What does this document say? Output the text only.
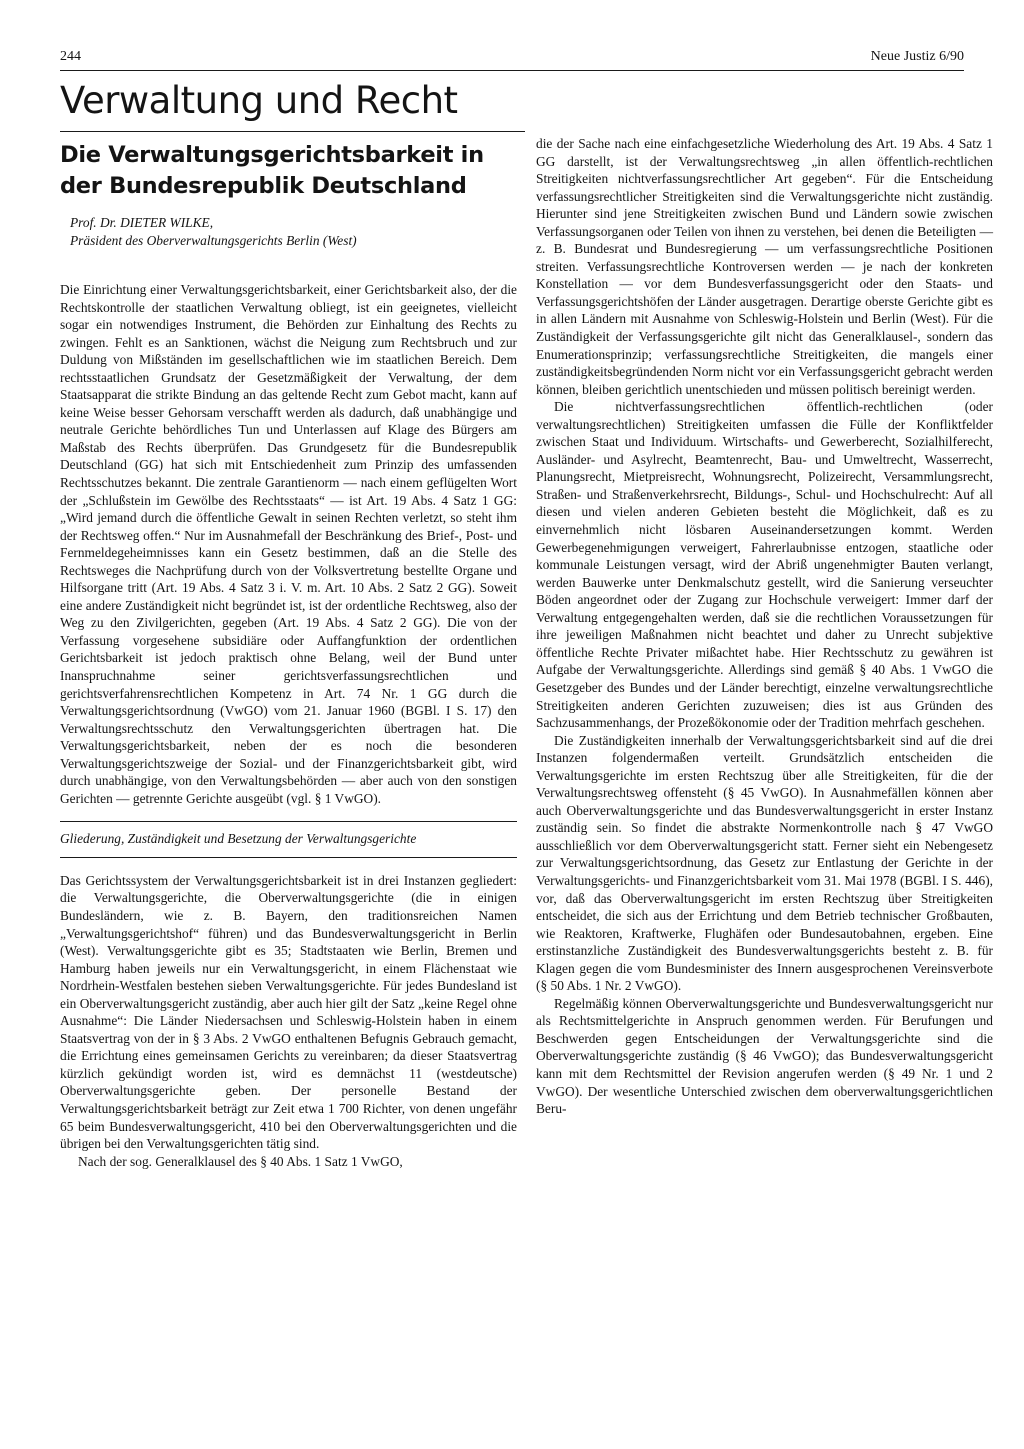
244	Neue Justiz 6/90
Verwaltung und Recht
Die Verwaltungsgerichtsbarkeit in der Bundesrepublik Deutschland
Prof. Dr. DIETER WILKE,
Präsident des Oberverwaltungsgerichts Berlin (West)

Die Einrichtung einer Verwaltungsgerichtsbarkeit, einer Gerichtsbarkeit also, der die Rechtskontrolle der staatlichen Verwaltung obliegt, ist ein geeignetes, vielleicht sogar ein notwendiges Instrument, die Behörden zur Einhaltung des Rechts zu zwingen. Fehlt es an Sanktionen, wächst die Neigung zum Rechtsbruch und zur Duldung von Mißständen im gesellschaftlichen wie im staatlichen Bereich. Dem rechtsstaatlichen Grundsatz der Gesetzmäßigkeit der Verwaltung, der dem Staatsapparat die strikte Bindung an das geltende Recht zum Gebot macht, kann auf keine Weise besser Gehorsam verschafft werden als dadurch, daß unabhängige und neutrale Gerichte behördliches Tun und Unterlassen auf Klage des Bürgers am Maßstab des Rechts überprüfen. Das Grundgesetz für die Bundesrepublik Deutschland (GG) hat sich mit Entschiedenheit zum Prinzip des umfassenden Rechtsschutzes bekannt. Die zentrale Garantienorm — nach einem geflügelten Wort der „Schlußstein im Gewölbe des Rechtsstaats“ — ist Art. 19 Abs. 4 Satz 1 GG: „Wird jemand durch die öffentliche Gewalt in seinen Rechten verletzt, so steht ihm der Rechtsweg offen.“ Nur im Ausnahmefall der Beschränkung des Brief-, Post- und Fernmeldegeheimnisses kann ein Gesetz bestimmen, daß an die Stelle des Rechtsweges die Nachprüfung durch von der Volksvertretung bestellte Organe und Hilfsorgane tritt (Art. 19 Abs. 4 Satz 3 i. V. m. Art. 10 Abs. 2 Satz 2 GG). Soweit eine andere Zuständigkeit nicht begründet ist, ist der ordentliche Rechtsweg, also der Weg zu den Zivilgerichten, gegeben (Art. 19 Abs. 4 Satz 2 GG). Die von der Verfassung vorgesehene subsidiäre oder Auffangfunktion der ordentlichen Gerichtsbarkeit ist jedoch praktisch ohne Belang, weil der Bund unter Inanspruchnahme seiner gerichtsverfassungsrechtlichen und gerichtsverfahrensrechtlichen Kompetenz in Art. 74 Nr. 1 GG durch die Verwaltungsgerichtsordnung (VwGO) vom 21. Januar 1960 (BGBl. I S. 17) den Verwaltungsrechtsschutz den Verwaltungsgerichten übertragen hat. Die Verwaltungsgerichtsbarkeit, neben der es noch die besonderen Verwaltungsgerichtszweige der Sozial- und der Finanzgerichtsbarkeit gibt, wird durch unabhängige, von den Verwaltungsbehörden — aber auch von den sonstigen Gerichten — getrennte Gerichte ausgeübt (vgl. § 1 VwGO).

Gliederung, Zuständigkeit und Besetzung der Verwaltungsgerichte

Das Gerichtssystem der Verwaltungsgerichtsbarkeit ist in drei Instanzen gegliedert: die Verwaltungsgerichte, die Oberverwaltungsgerichte (die in einigen Bundesländern, wie z. B. Bayern, den traditionsreichen Namen „Verwaltungsgerichtshof“ führen) und das Bundesverwaltungsgericht in Berlin (West). Verwaltungsgerichte gibt es 35; Stadtstaaten wie Berlin, Bremen und Hamburg haben jeweils nur ein Verwaltungsgericht, in einem Flächenstaat wie Nordrhein-Westfalen bestehen sieben Verwaltungsgerichte. Für jedes Bundesland ist ein Oberverwaltungsgericht zuständig, aber auch hier gilt der Satz „keine Regel ohne Ausnahme“: Die Länder Niedersachsen und Schleswig-Holstein haben in einem Staatsvertrag von der in § 3 Abs. 2 VwGO enthaltenen Befugnis Gebrauch gemacht, die Errichtung eines gemeinsamen Gerichts zu vereinbaren; da dieser Staatsvertrag kürzlich gekündigt worden ist, wird es demnächst 11 (westdeutsche) Oberverwaltungsgerichte geben. Der personelle Bestand der Verwaltungsgerichtsbarkeit beträgt zur Zeit etwa 1 700 Richter, von denen ungefähr 65 beim Bundesverwaltungsgericht, 410 bei den Oberverwaltungsgerichten und die übrigen bei den Verwaltungsgerichten tätig sind.

Nach der sog. Generalklausel des § 40 Abs. 1 Satz 1 VwGO,

die der Sache nach eine einfachgesetzliche Wiederholung des Art. 19 Abs. 4 Satz 1 GG darstellt, ist der Verwaltungsrechtsweg „in allen öffentlich-rechtlichen Streitigkeiten nichtverfassungsrechtlicher Art gegeben“. Für die Entscheidung verfassungsrechtlicher Streitigkeiten sind die Verwaltungsgerichte nicht zuständig. Hierunter sind jene Streitigkeiten zwischen Bund und Ländern sowie zwischen Verfassungsorganen oder Teilen von ihnen zu verstehen, bei denen die Beteiligten — z. B. Bundesrat und Bundesregierung — um verfassungsrechtliche Positionen streiten. Verfassungsrechtliche Kontroversen werden — je nach der konkreten Konstellation — vor dem Bundesverfassungsgericht oder den Staats- und Verfassungsgerichtshöfen der Länder ausgetragen. Derartige oberste Gerichte gibt es in allen Ländern mit Ausnahme von Schleswig-Holstein und Berlin (West). Für die Zuständigkeit der Verfassungsgerichte gilt nicht das Generalklausel-, sondern das Enumerationsprinzip; verfassungsrechtliche Streitigkeiten, die mangels einer zuständigkeitsbegründenden Norm nicht vor ein Verfassungsgericht gebracht werden können, bleiben gerichtlich unentschieden und müssen politisch bereinigt werden.

Die nichtverfassungsrechtlichen öffentlich-rechtlichen (oder verwaltungsrechtlichen) Streitigkeiten umfassen die Fülle der Konfliktfelder zwischen Staat und Individuum. Wirtschafts- und Gewerberecht, Sozialhilferecht, Ausländer- und Asylrecht, Beamtenrecht, Bau- und Umweltrecht, Wasserrecht, Planungsrecht, Mietpreisrecht, Wohnungsrecht, Polizeirecht, Versammlungsrecht, Straßen- und Straßenverkehrsrecht, Bildungs-, Schul- und Hochschulrecht: Auf all diesen und vielen anderen Gebieten besteht die Möglichkeit, daß es zu einvernehmlich nicht lösbaren Auseinandersetzungen kommt. Werden Gewerbegenehmigungen verweigert, Fahrerlaubnisse entzogen, staatliche oder kommunale Leistungen versagt, wird der Abriß ungenehmigter Bauten verlangt, werden Bauwerke unter Denkmalschutz gestellt, wird die Sanierung verseuchter Böden angeordnet oder der Zugang zur Hochschule verweigert: Immer darf der Verwaltung entgegengehalten werden, daß sie die rechtlichen Voraussetzungen für ihre jeweiligen Maßnahmen nicht beachtet und daher zu Unrecht subjektive öffentliche Rechte Privater mißachtet habe. Hier Rechtsschutz zu gewähren ist Aufgabe der Verwaltungsgerichte. Allerdings sind gemäß § 40 Abs. 1 VwGO die Gesetzgeber des Bundes und der Länder berechtigt, einzelne verwaltungsrechtliche Streitigkeiten anderen Gerichten zuzuweisen; dies ist aus Gründen des Sachzusammenhangs, der Prozeßökonomie oder der Tradition mehrfach geschehen.

Die Zuständigkeiten innerhalb der Verwaltungsgerichtsbarkeit sind auf die drei Instanzen folgendermaßen verteilt. Grundsätzlich entscheiden die Verwaltungsgerichte im ersten Rechtszug über alle Streitigkeiten, für die der Verwaltungsrechtsweg offensteht (§ 45 VwGO). In Ausnahmefällen können aber auch Oberverwaltungsgerichte und das Bundesverwaltungsgericht in erster Instanz zuständig sein. So findet die abstrakte Normenkontrolle nach § 47 VwGO ausschließlich vor dem Oberverwaltungsgericht statt. Ferner sieht ein Nebengesetz zur Verwaltungsgerichtsordnung, das Gesetz zur Entlastung der Gerichte in der Verwaltungsgerichts- und Finanzgerichtsbarkeit vom 31. Mai 1978 (BGBl. I S. 446), vor, daß das Oberverwaltungsgericht im ersten Rechtszug über Streitigkeiten entscheidet, die sich aus der Errichtung und dem Betrieb technischer Großbauten, wie Reaktoren, Kraftwerke, Flughäfen oder Bundesautobahnen, ergeben. Eine erstinstanzliche Zuständigkeit des Bundesverwaltungsgerichts besteht z. B. für Klagen gegen die vom Bundesminister des Innern ausgesprochenen Vereinsverbote (§ 50 Abs. 1 Nr. 2 VwGO).

Regelmäßig können Oberverwaltungsgerichte und Bundesverwaltungsgericht nur als Rechtsmittelgerichte in Anspruch genommen werden. Für Berufungen und Beschwerden gegen Entscheidungen der Verwaltungsgerichte sind die Oberverwaltungsgerichte zuständig (§ 46 VwGO); das Bundesverwaltungsgericht kann mit dem Rechtsmittel der Revision angerufen werden (§ 49 Nr. 1 und 2 VwGO). Der wesentliche Unterschied zwischen dem oberverwaltungsgerichtlichen Beru-
